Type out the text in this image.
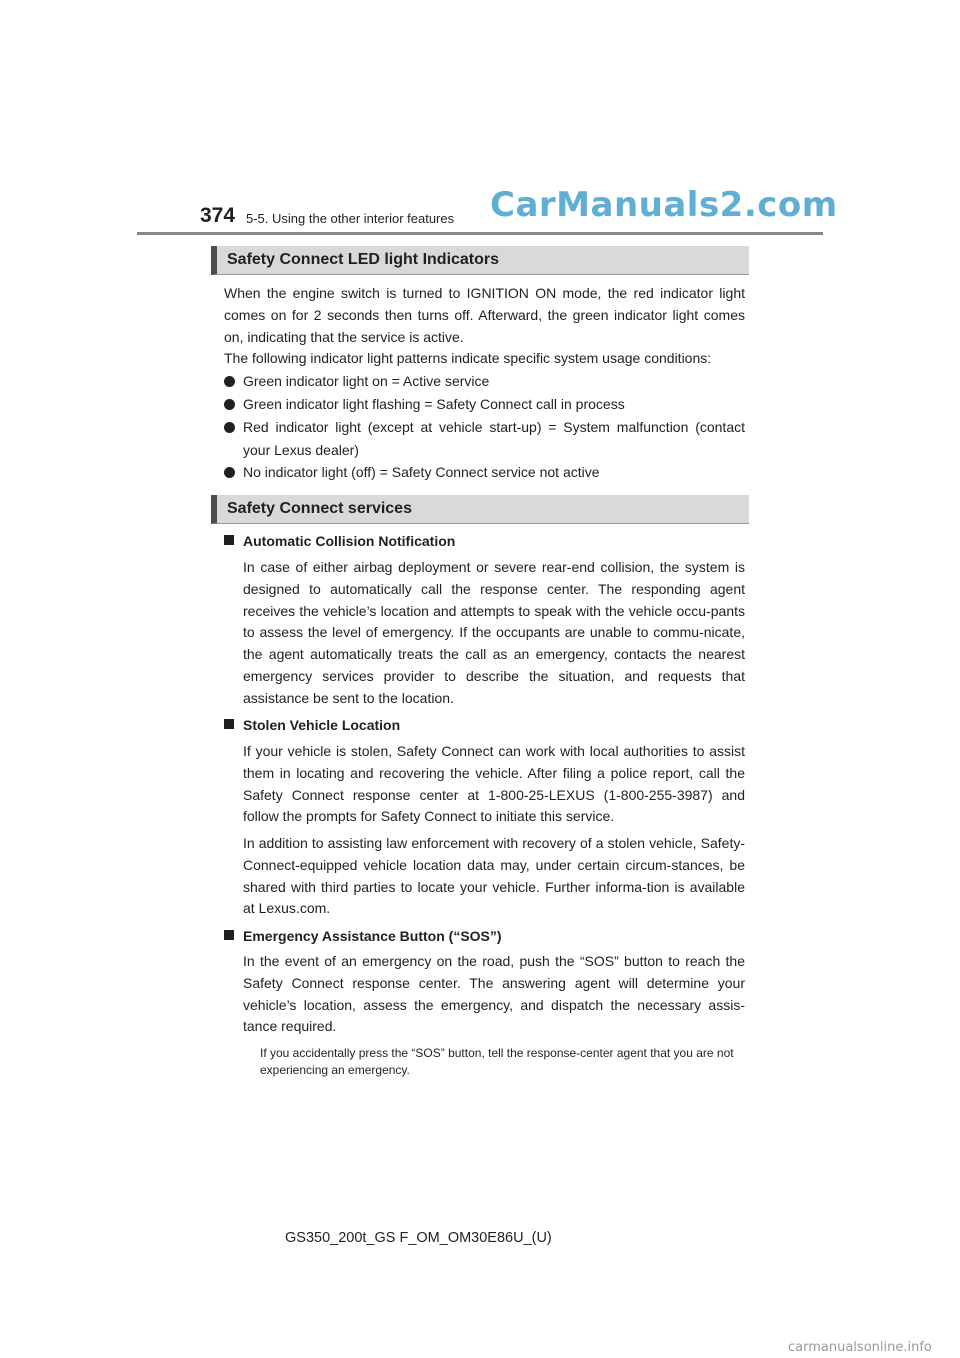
374 5-5. Using the other interior features CarManuals2.com
Safety Connect LED light Indicators
When the engine switch is turned to IGNITION ON mode, the red indicator light comes on for 2 seconds then turns off. Afterward, the green indicator light comes on, indicating that the service is active.
The following indicator light patterns indicate specific system usage conditions:
Green indicator light on = Active service
Green indicator light flashing = Safety Connect call in process
Red indicator light (except at vehicle start-up) = System malfunction (contact your Lexus dealer)
No indicator light (off) = Safety Connect service not active
Safety Connect services
Automatic Collision Notification
In case of either airbag deployment or severe rear-end collision, the system is designed to automatically call the response center. The responding agent receives the vehicle’s location and attempts to speak with the vehicle occu-pants to assess the level of emergency. If the occupants are unable to commu-nicate, the agent automatically treats the call as an emergency, contacts the nearest emergency services provider to describe the situation, and requests that assistance be sent to the location.
Stolen Vehicle Location
If your vehicle is stolen, Safety Connect can work with local authorities to assist them in locating and recovering the vehicle. After filing a police report, call the Safety Connect response center at 1-800-25-LEXUS (1-800-255-3987) and follow the prompts for Safety Connect to initiate this service.
In addition to assisting law enforcement with recovery of a stolen vehicle, Safety-Connect-equipped vehicle location data may, under certain circum-stances, be shared with third parties to locate your vehicle. Further informa-tion is available at Lexus.com.
Emergency Assistance Button (“SOS”)
In the event of an emergency on the road, push the “SOS” button to reach the Safety Connect response center. The answering agent will determine your vehicle’s location, assess the emergency, and dispatch the necessary assis-tance required.
If you accidentally press the “SOS” button, tell the response-center agent that you are not experiencing an emergency.
GS350_200t_GS F_OM_OM30E86U_(U)
carmanualsonline.info
